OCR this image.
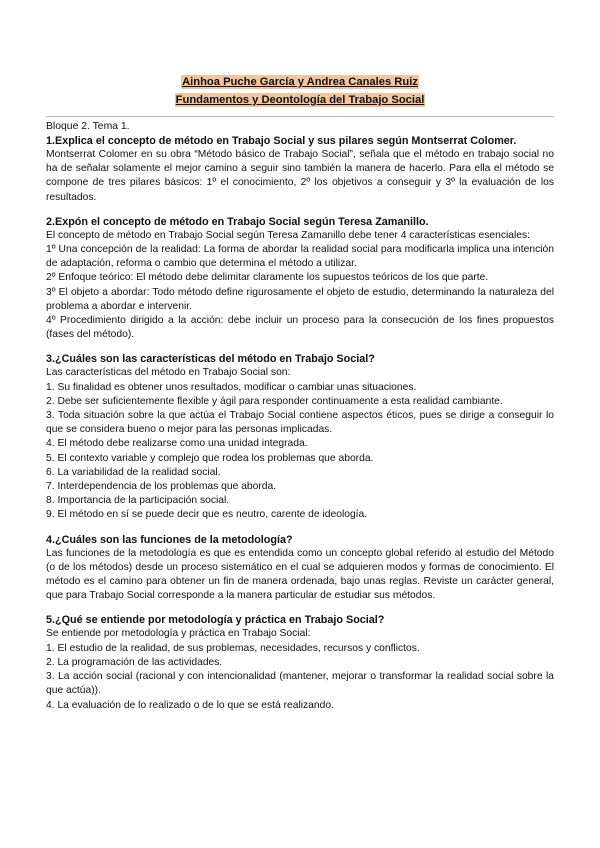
Ainhoa Puche García y Andrea Canales Ruiz
Fundamentos y Deontología del Trabajo Social
Bloque 2. Tema 1.
1.Explica el concepto de método en Trabajo Social y sus pilares según Montserrat Colomer.
Montserrat Colomer en su obra “Método básico de Trabajo Social”, señala que el método en trabajo social no ha de señalar solamente el mejor camino a seguir sino también la manera de hacerlo. Para ella el método se compone de tres pilares básicos: 1º el conocimiento, 2º los objetivos a conseguir y 3º la evaluación de los resultados.
2.Expón el concepto de método en Trabajo Social según Teresa Zamanillo.
El concepto de método en Trabajo Social según Teresa Zamanillo debe tener 4 características esenciales:
1º Una concepción de la realidad: La forma de abordar la realidad social para modificarla implica una intención de adaptación, reforma o cambio que determina el método a utilizar.
2º Enfoque teórico: El método debe delimitar claramente los supuestos teóricos de los que parte.
3º El objeto a abordar: Todo método define rigurosamente el objeto de estudio, determinando la naturaleza del problema a abordar e intervenir.
4º Procedimiento dirigido a la acción: debe incluir un proceso para la consecución de los fines propuestos (fases del método).
3.¿Cuáles son las características del método en Trabajo Social?
Las características del método en Trabajo Social son:
1. Su finalidad es obtener unos resultados, modificar o cambiar unas situaciones.
2. Debe ser suficientemente flexible y ágil para responder continuamente a esta realidad cambiante.
3. Toda situación sobre la que actúa el Trabajo Social contiene aspectos éticos, pues se dirige a conseguir lo que se considera bueno o mejor para las personas implicadas.
4. El método debe realizarse como una unidad integrada.
5. El contexto variable y complejo que rodea los problemas que aborda.
6. La variabilidad de la realidad social.
7. Interdependencia de los problemas que aborda.
8. Importancia de la participación social.
9. El método en sí se puede decir que es neutro, carente de ideología.
4.¿Cuáles son las funciones de la metodología?
Las funciones de la metodología es que es entendida como un concepto global referido al estudio del Método (o de los métodos) desde un proceso sistemático en el cual se adquieren modos y formas de conocimiento. El método es el camino para obtener un fin de manera ordenada, bajo unas reglas. Reviste un carácter general, que para Trabajo Social corresponde a la manera particular de estudiar sus métodos.
5.¿Qué se entiende por metodología y práctica en Trabajo Social?
Se entiende por metodología y práctica en Trabajo Social:
1. El estudio de la realidad, de sus problemas, necesidades, recursos y conflictos.
2. La programación de las actividades.
3. La acción social (racional y con intencionalidad (mantener, mejorar o transformar la realidad social sobre la que actúa)).
4. La evaluación de lo realizado o de lo que se está realizando.
